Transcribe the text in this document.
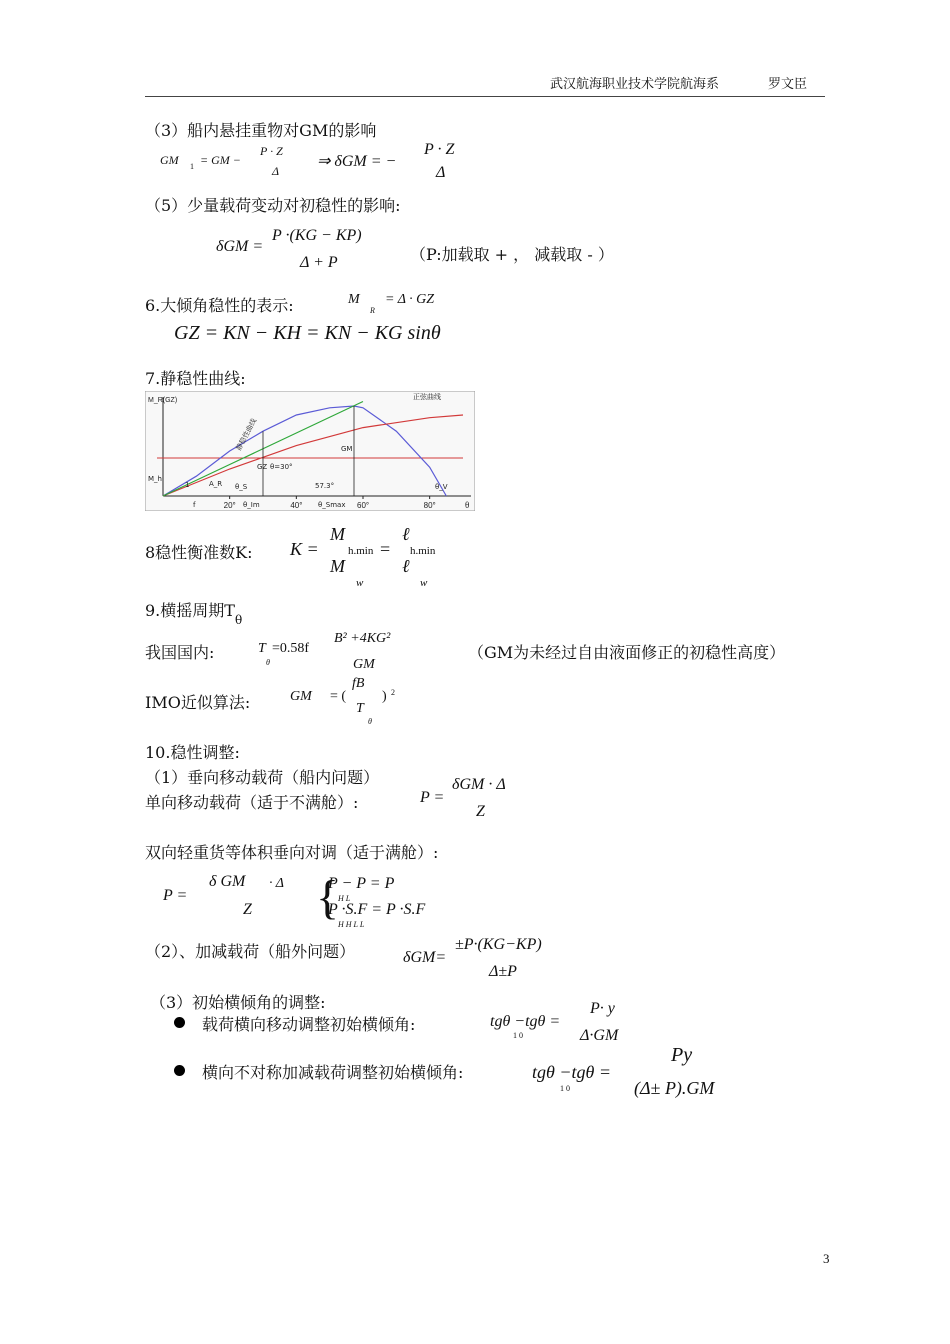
武汉航海职业技术学院航海系	罗文臣
（3）船内悬挂重物对GM的影响
GM 1 = GM −
P · Z
Δ
⇒ δGM = −
P · Z
Δ
（5）少量载荷变动对初稳性的影响:
δGM =
P ·(KG − KP)
Δ + P	（P:加载取 + ， 减载取 - ）
6.大倾角稳性的表示:	M
R
= Δ · GZ
GZ = KN − KH = KN − KG sinθ
7.静稳性曲线:
20°	40°	60°	80°
M_R(GZ)
θ
静稳性曲线
正弦曲线
GM
GZ θ=30°
57.3°
A_R θ_S
θ_Im	θ_Smax
θ_V
f
1
M_h
8稳性衡准数K: K =
M
h.min
M
w
=
ℓ
h.min
ℓ
w
9.横摇周期$T_\theta$
我国国内:	T
θ
=0.58f
B² +4KG²
GM
（GM为未经过自由液面修正的初稳性高度）
IMO近似算法:	GM = (
fB
T
θ
) 2
10.稳性调整:
（1）垂向移动载荷（船内问题）
单向移动载荷（适于不满舱）:	P =
δGM · Δ
Z
双向轻重货等体积垂向对调（适于满舱）:
P =
δ GM · Δ
Z {
P − P = P
H L
P ·S.F = P ·S.F
H H L L
（2）、加减载荷（船外问题）	δGM=
±P·(KG−KP)
Δ±P
（3）初始横倾角的调整:
载荷横向移动调整初始横倾角:	tgθ −tgθ =
1 0
P· y
Δ·GM
横向不对称加减载荷调整初始横倾角:	tgθ −tgθ =
1 0
Py
(Δ± P).GM
3
